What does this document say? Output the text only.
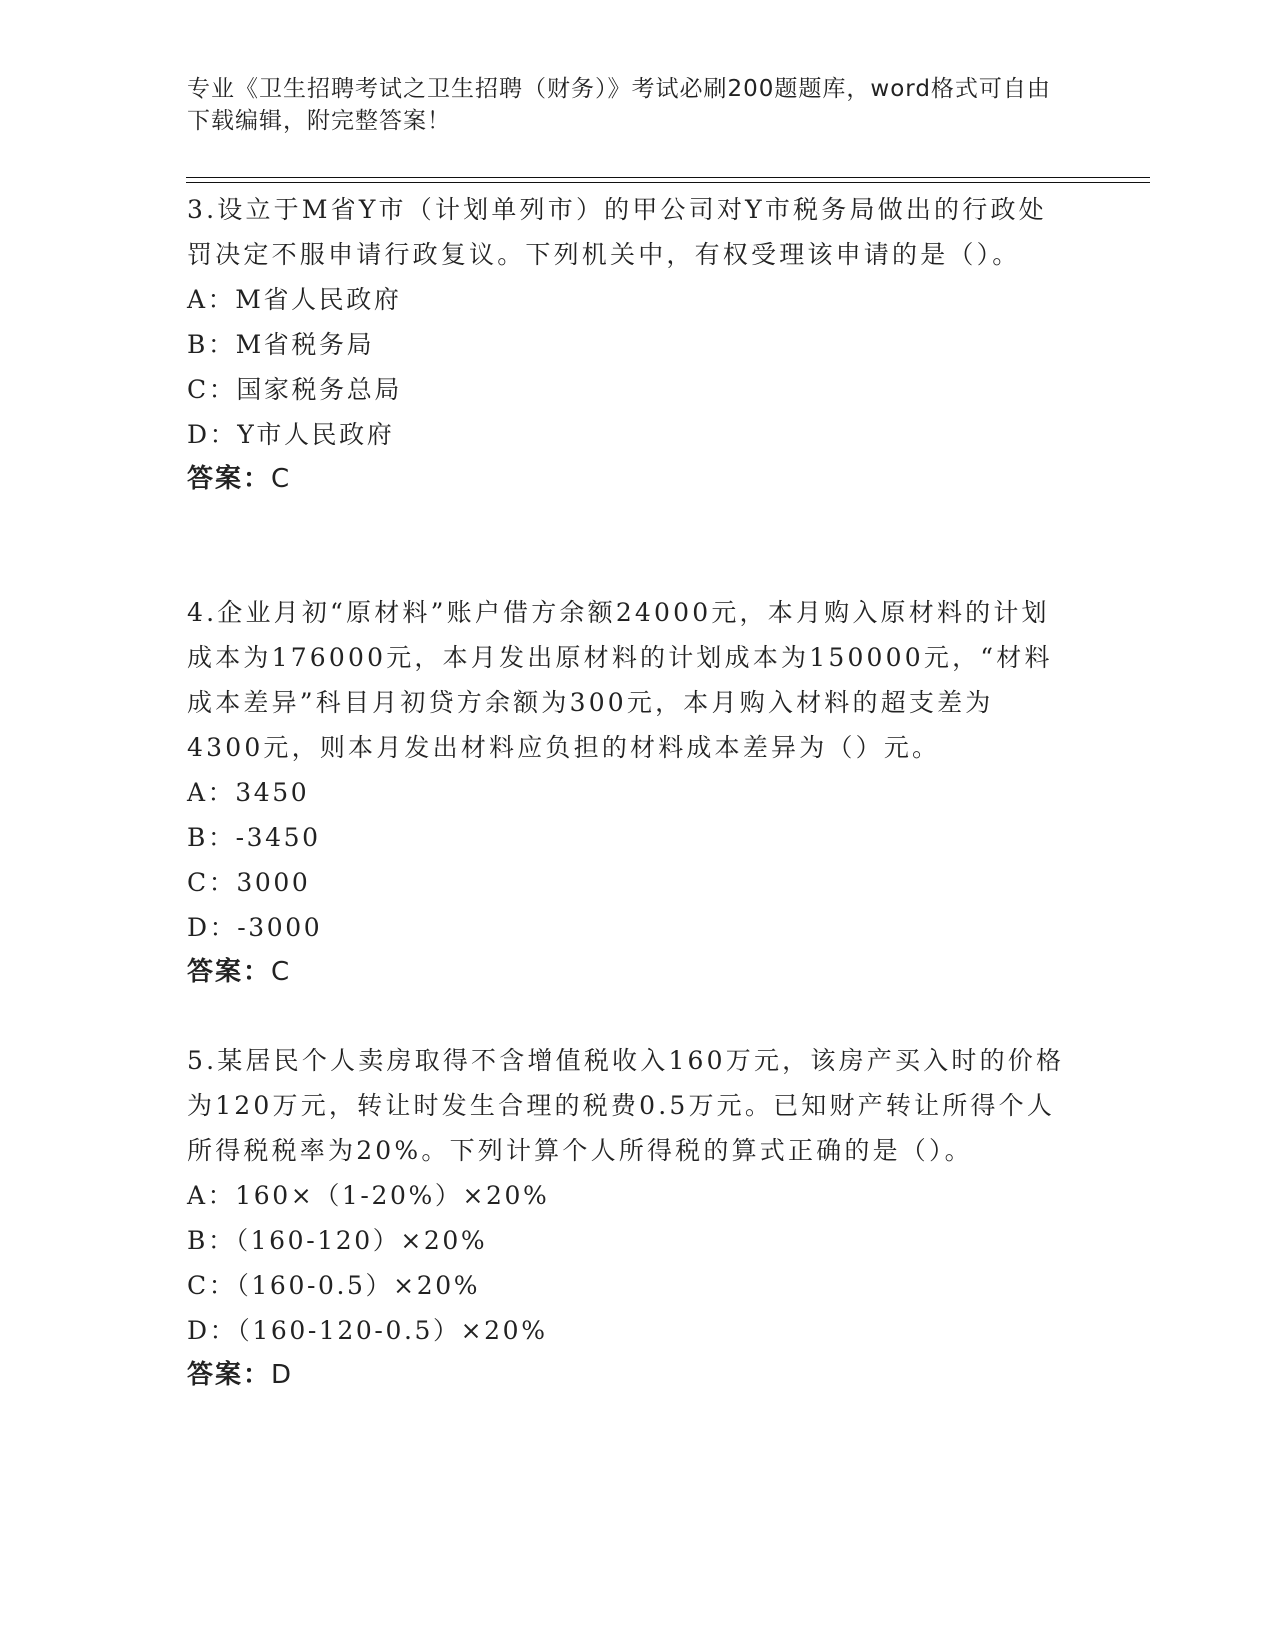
专业《卫生招聘考试之卫生招聘（财务）》考试必刷200题题库，word格式可自由下载编辑，附完整答案！

3.设立于M省Y市（计划单列市）的甲公司对Y市税务局做出的行政处罚决定不服申请行政复议。下列机关中，有权受理该申请的是（）。

A：M省人民政府

B：M省税务局

C：国家税务总局

D：Y市人民政府

答案：C

4.企业月初“原材料”账户借方余额24000元，本月购入原材料的计划成本为176000元，本月发出原材料的计划成本为150000元，“材料成本差异”科目月初贷方余额为300元，本月购入材料的超支差为4300元，则本月发出材料应负担的材料成本差异为（）元。

A：3450

B：-3450

C：3000

D：-3000

答案：C

5.某居民个人卖房取得不含增值税收入160万元，该房产买入时的价格为120万元，转让时发生合理的税费0.5万元。已知财产转让所得个人所得税税率为20%。下列计算个人所得税的算式正确的是（）。

A：160×（1-20%）×20%

B：（160-120）×20%

C：（160-0.5）×20%

D：（160-120-0.5）×20%

答案：D
